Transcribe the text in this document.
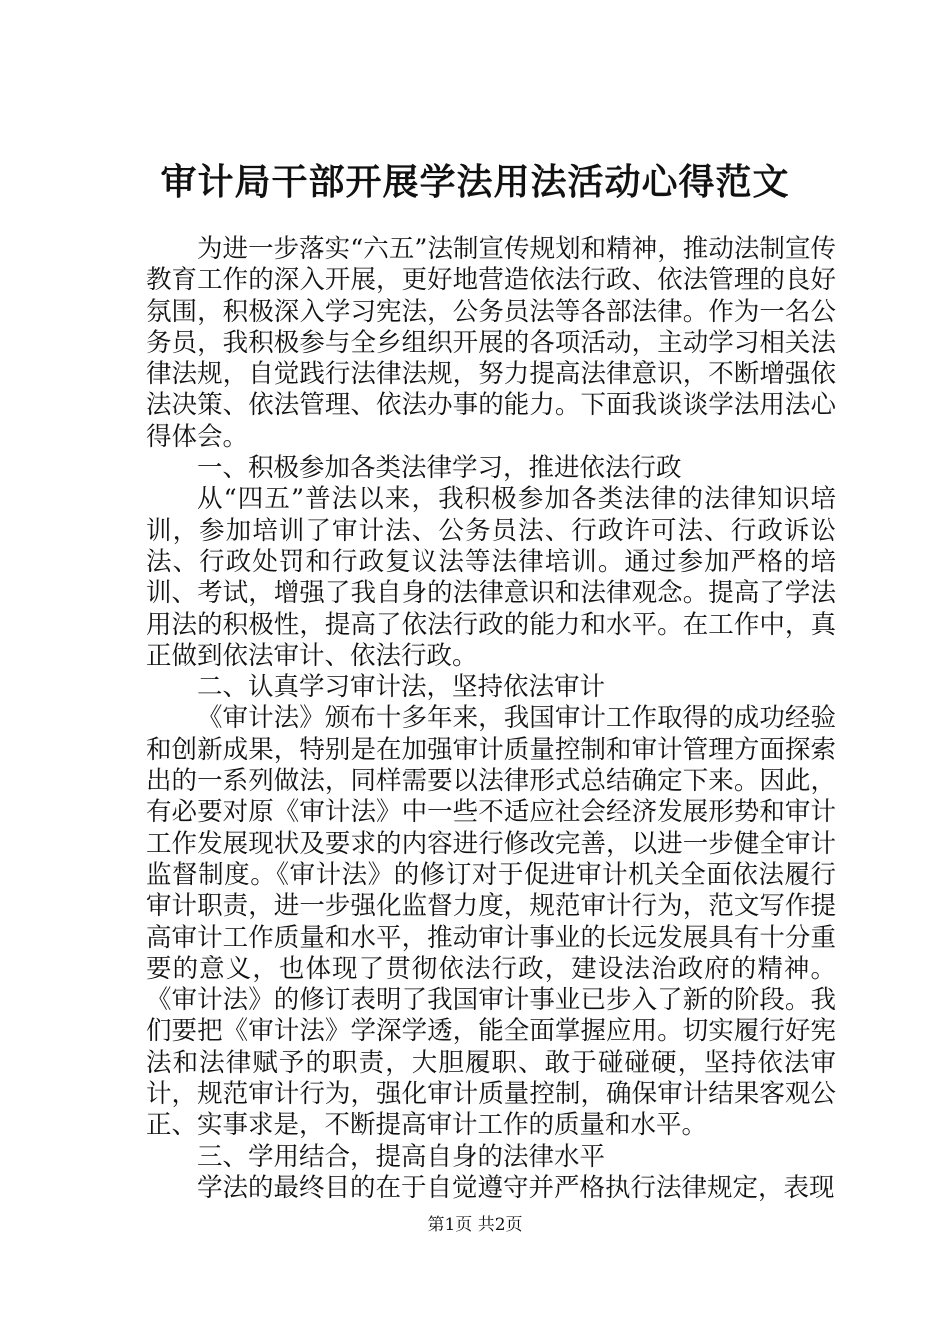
审计局干部开展学法用法活动心得范文

为进一步落实“六五”法制宣传规划和精神，推动法制宣传教育工作的深入开展，更好地营造依法行政、依法管理的良好氛围，积极深入学习宪法，公务员法等各部法律。作为一名公务员，我积极参与全乡组织开展的各项活动，主动学习相关法律法规，自觉践行法律法规，努力提高法律意识，不断增强依法决策、依法管理、依法办事的能力。下面我谈谈学法用法心得体会。

一、积极参加各类法律学习，推进依法行政

从“四五”普法以来，我积极参加各类法律的法律知识培训，参加培训了审计法、公务员法、行政许可法、行政诉讼法、行政处罚和行政复议法等法律培训。通过参加严格的培训、考试，增强了我自身的法律意识和法律观念。提高了学法用法的积极性，提高了依法行政的能力和水平。在工作中，真正做到依法审计、依法行政。

二、认真学习审计法，坚持依法审计

《审计法》颁布十多年来，我国审计工作取得的成功经验和创新成果，特别是在加强审计质量控制和审计管理方面探索出的一系列做法，同样需要以法律形式总结确定下来。因此，有必要对原《审计法》中一些不适应社会经济发展形势和审计工作发展现状及要求的内容进行修改完善，以进一步健全审计监督制度。《审计法》的修订对于促进审计机关全面依法履行审计职责，进一步强化监督力度，规范审计行为，范文写作提高审计工作质量和水平，推动审计事业的长远发展具有十分重要的意义，也体现了贯彻依法行政，建设法治政府的精神。《审计法》的修订表明了我国审计事业已步入了新的阶段。我们要把《审计法》学深学透，能全面掌握应用。切实履行好宪法和法律赋予的职责，大胆履职、敢于碰碰硬，坚持依法审计，规范审计行为，强化审计质量控制，确保审计结果客观公正、实事求是，不断提高审计工作的质量和水平。

三、学用结合，提高自身的法律水平

学法的最终目的在于自觉遵守并严格执行法律规定，表现

第1页 共2页
